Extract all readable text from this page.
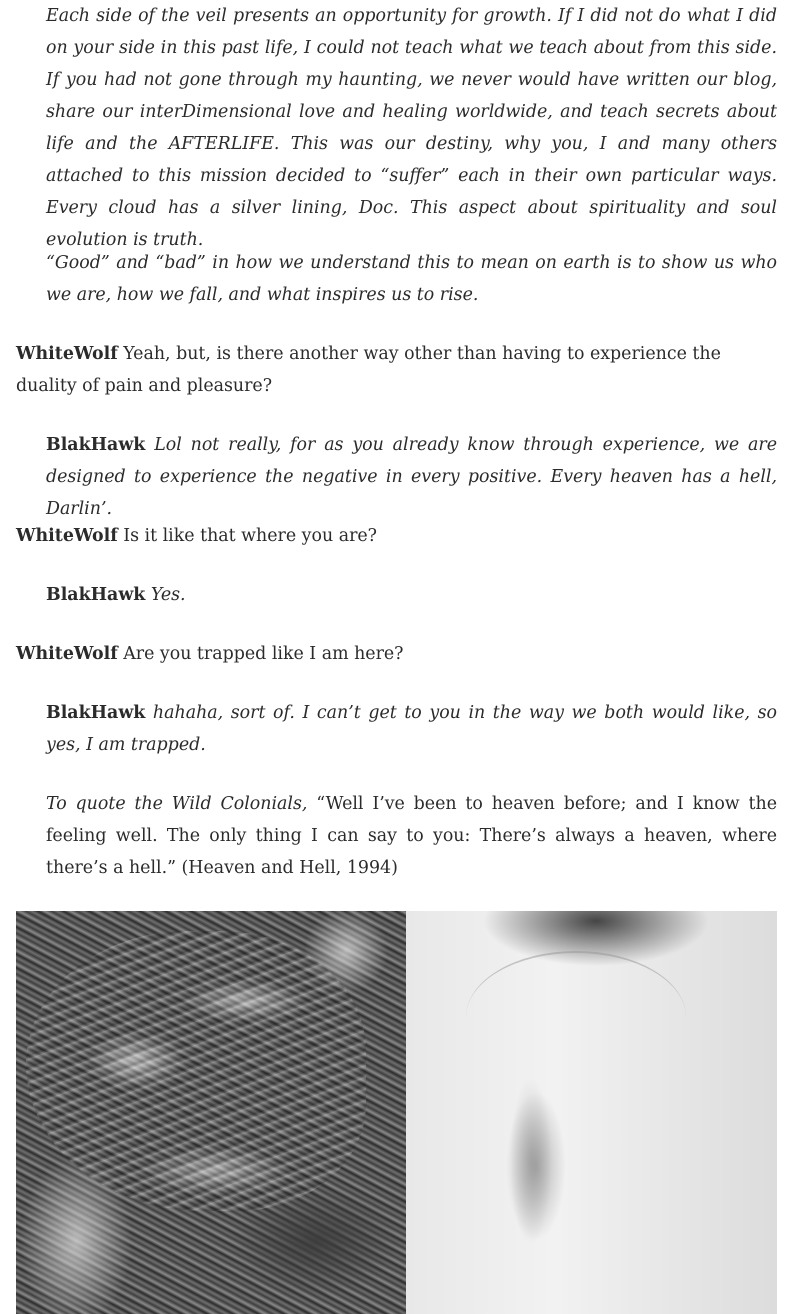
Each side of the veil presents an opportunity for growth. If I did not do what I did on your side in this past life, I could not teach what we teach about from this side. If you had not gone through my haunting, we never would have written our blog, share our interDimensional love and healing worldwide, and teach secrets about life and the AFTERLIFE. This was our destiny, why you, I and many others attached to this mission decided to “suffer” each in their own particular ways. Every cloud has a silver lining, Doc. This aspect about spirituality and soul evolution is truth.

“Good” and “bad” in how we understand this to mean on earth is to show us who we are, how we fall, and what inspires us to rise.

WhiteWolf Yeah, but, is there another way other than having to experience the duality of pain and pleasure?

BlakHawk Lol not really, for as you already know through experience, we are designed to experience the negative in every positive. Every heaven has a hell, Darlin’.

WhiteWolf Is it like that where you are?

BlakHawk Yes.

WhiteWolf Are you trapped like I am here?

BlakHawk hahaha, sort of. I can’t get to you in the way we both would like, so yes, I am trapped.

To quote the Wild Colonials, “Well I’ve been to heaven before; and I know the feeling well. The only thing I can say to you: There’s always a heaven, where there’s a hell.” (Heaven and Hell, 1994)
